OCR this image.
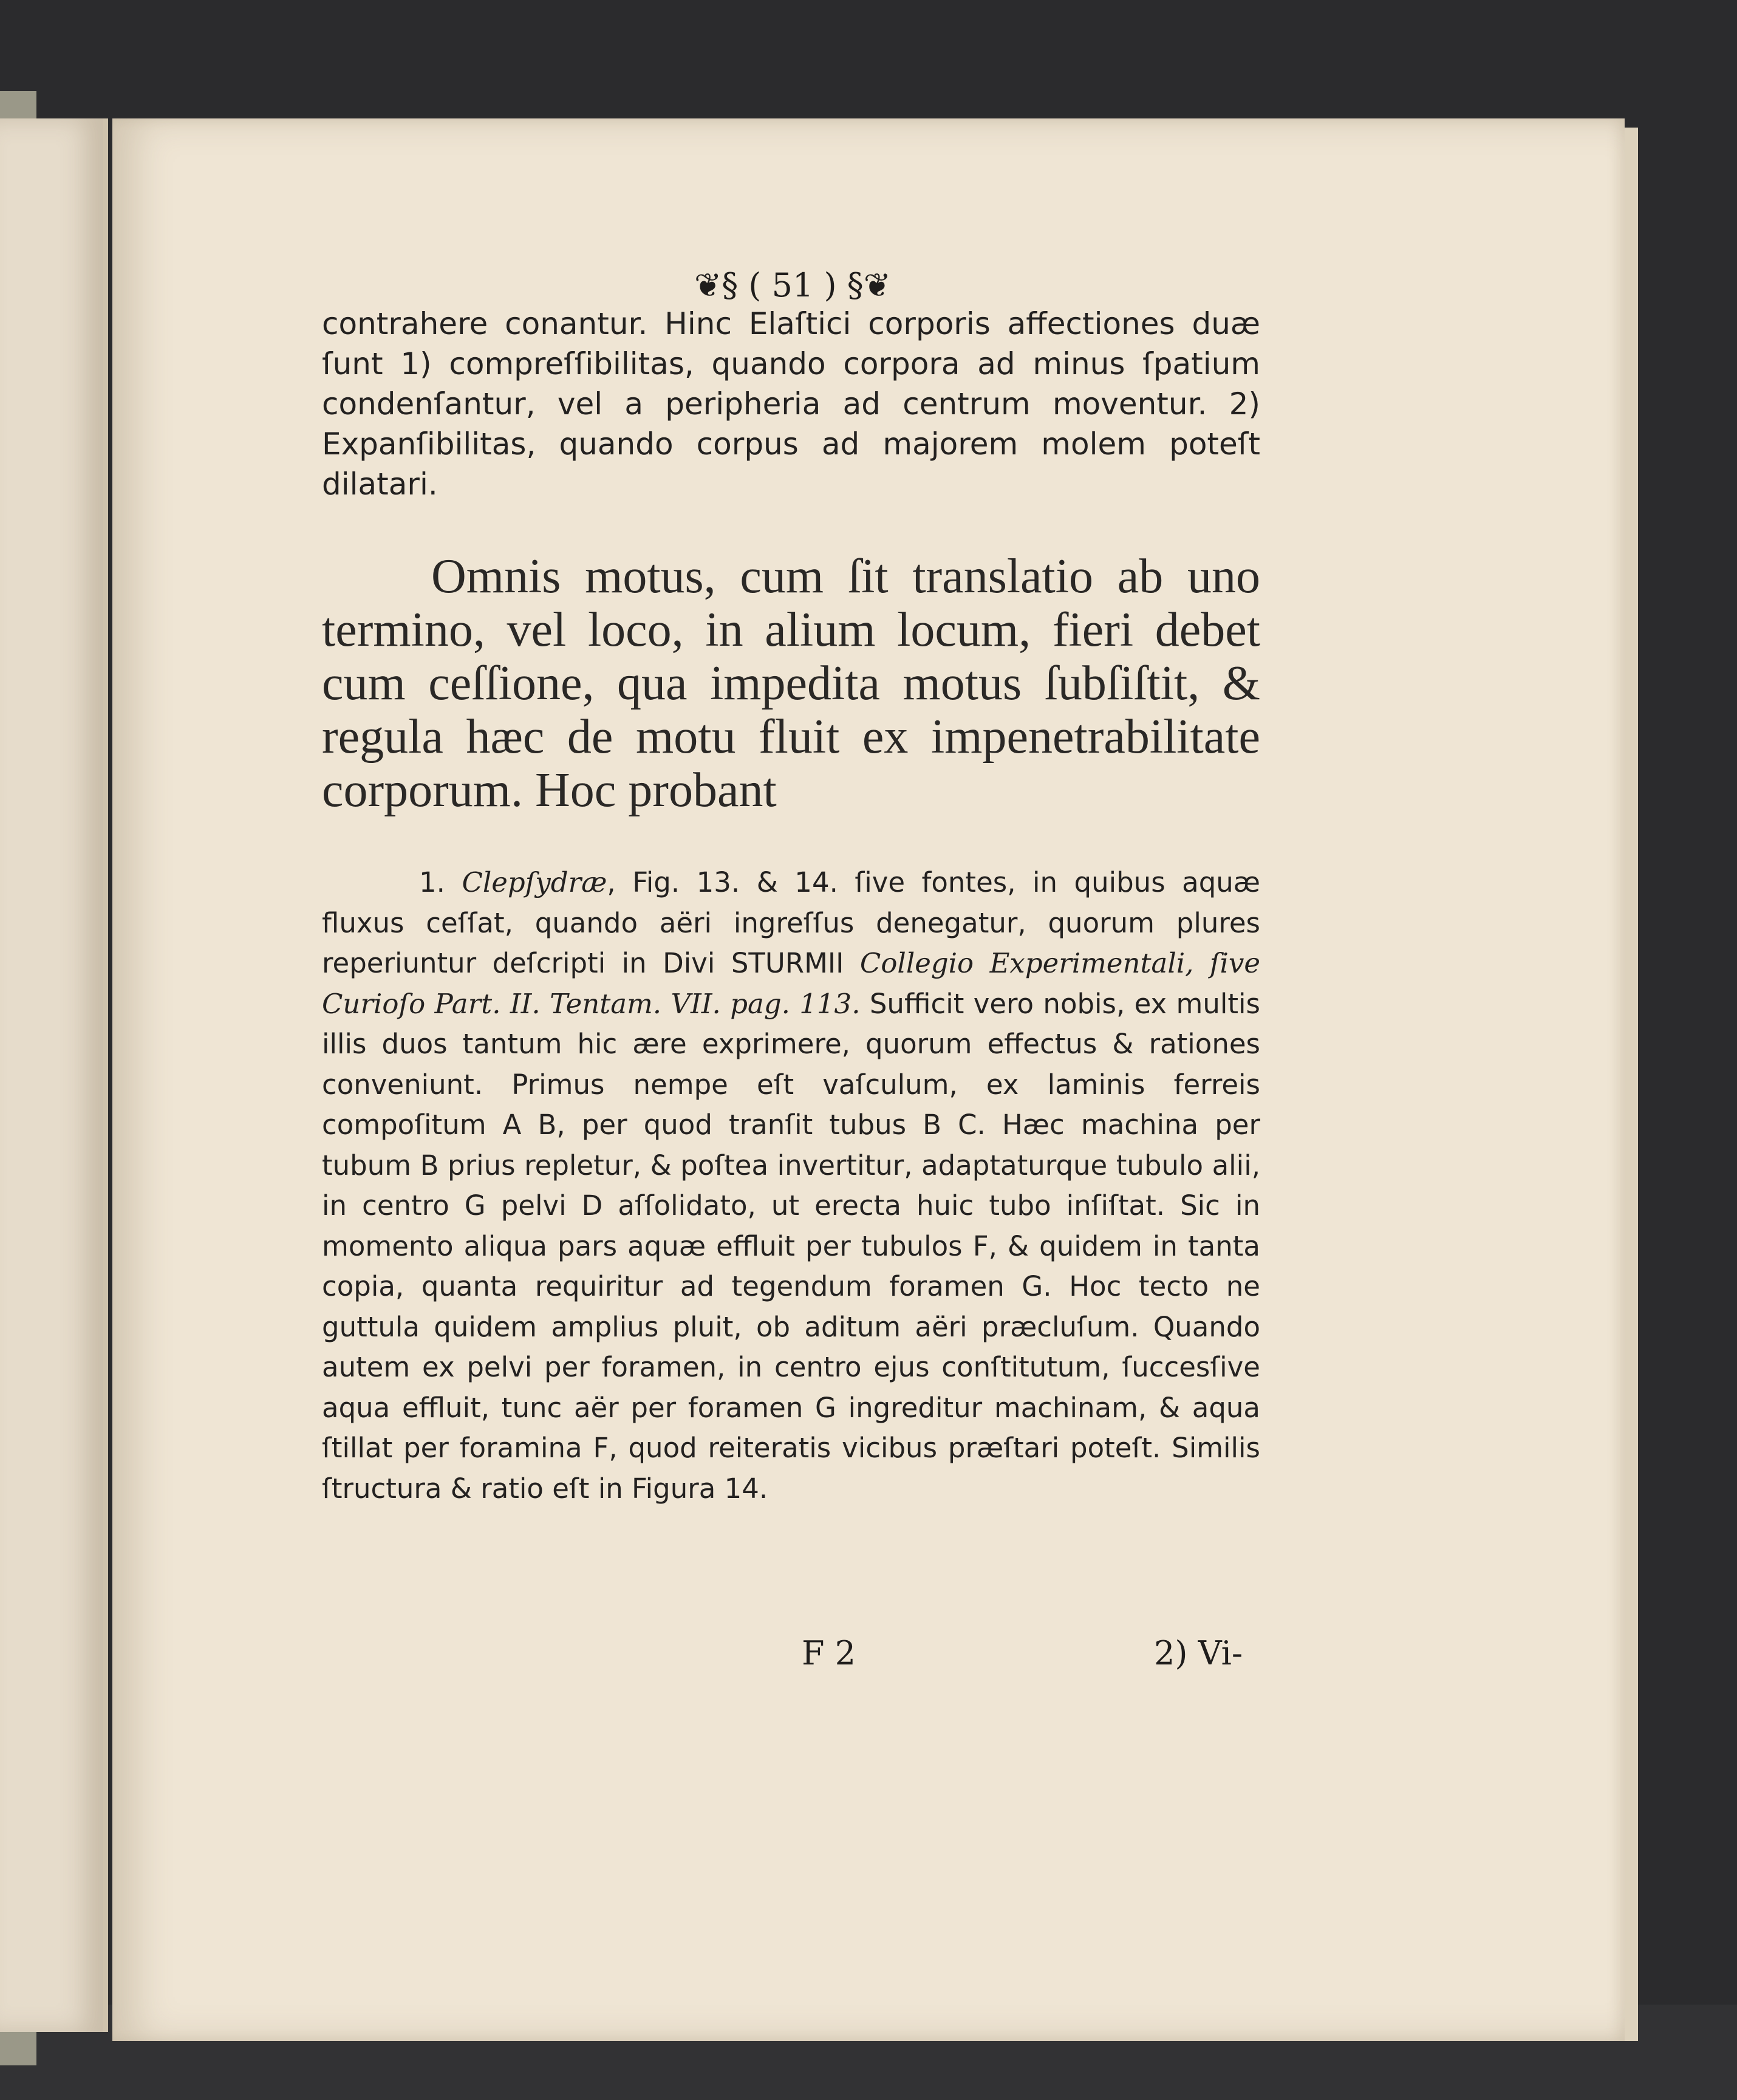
❦§ ( 51 ) §❦
contrahere conantur. Hinc Elaſtici corporis affectiones duæ ſunt 1) compreſſibilitas, quando corpora ad minus ſpatium condenſantur, vel a peripheria ad centrum moventur. 2) Expanſibilitas, quando corpus ad majorem molem poteſt dilatari.
Omnis motus, cum ſit translatio ab uno termino, vel loco, in alium locum, fieri debet cum ceſſione, qua impedita motus ſubſiſtit, & regula hæc de motu fluit ex impenetrabilitate corporum. Hoc probant
1. Clepſydræ, Fig. 13. & 14. ſive fontes, in quibus aquæ fluxus ceſſat, quando aëri ingreſſus denegatur, quorum plures reperiuntur deſcripti in Divi STURMII Collegio Experimentali, ſive Curioſo Part. II. Tentam. VII. pag. 113. Sufficit vero nobis, ex multis illis duos tantum hic ære exprimere, quorum effectus & rationes conveniunt. Primus nempe eſt vaſculum, ex laminis ferreis compoſitum A B, per quod tranſit tubus B C. Hæc machina per tubum B prius repletur, & poſtea invertitur, adaptaturque tubulo alii, in centro G pelvi D aſſolidato, ut erecta huic tubo inſiſtat. Sic in momento aliqua pars aquæ effluit per tubulos F, & quidem in tanta copia, quanta requiritur ad tegendum foramen G. Hoc tecto ne guttula quidem amplius pluit, ob aditum aëri præcluſum. Quando autem ex pelvi per foramen, in centro ejus conſtitutum, ſuccesſive aqua effluit, tunc aër per foramen G ingreditur machinam, & aqua ſtillat per foramina F, quod reiteratis vicibus præſtari poteſt. Similis ſtructura & ratio eſt in Figura 14.
F 2	2) Vi-
